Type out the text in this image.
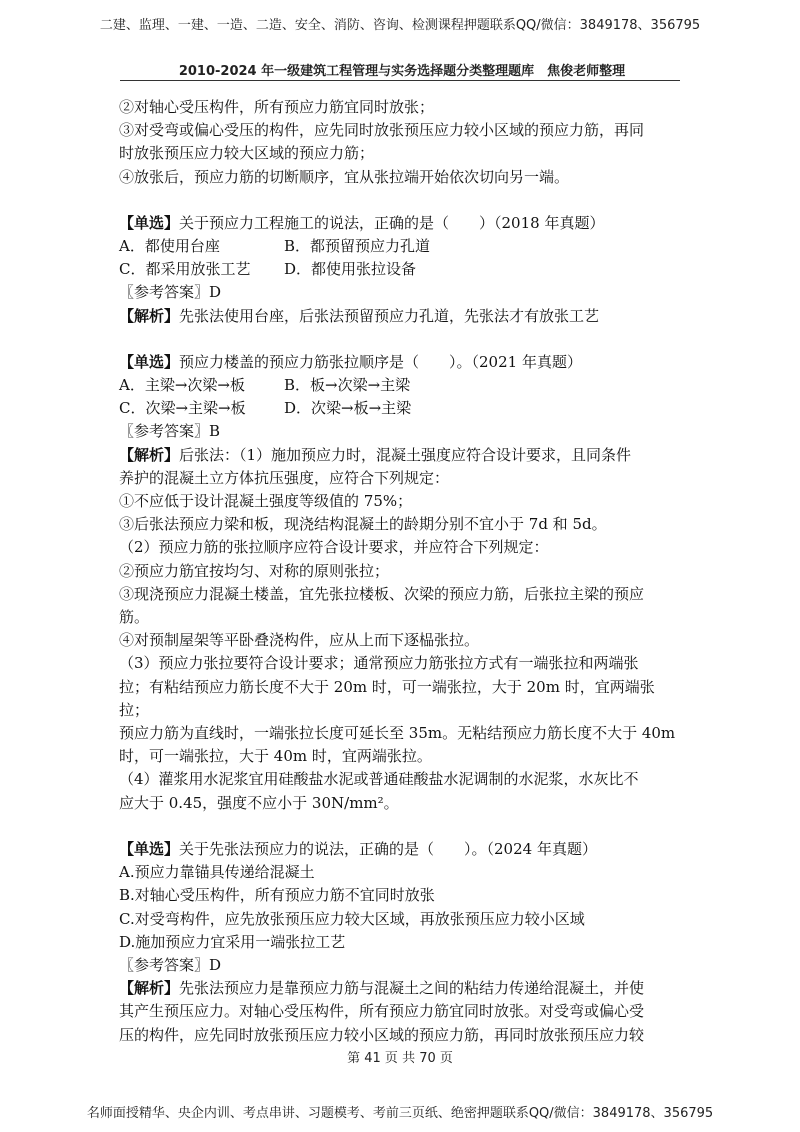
二建、监理、一建、一造、二造、安全、消防、咨询、检测课程押题联系QQ/微信：3849178、356795
2010-2024 年一级建筑工程管理与实务选择题分类整理题库　焦俊老师整理

②对轴心受压构件，所有预应力筋宜同时放张；

③对受弯或偏心受压的构件，应先同时放张预压应力较小区域的预应力筋，再同

时放张预压应力较大区域的预应力筋；

④放张后，预应力筋的切断顺序，宜从张拉端开始依次切向另一端。

【单选】关于预应力工程施工的说法，正确的是（　　）（2018 年真题）

A．都使用台座	B．都预留预应力孔道
C．都采用放张工艺	D．都使用张拉设备

〖参考答案〗D

【解析】先张法使用台座，后张法预留预应力孔道，先张法才有放张工艺

【单选】预应力楼盖的预应力筋张拉顺序是（　　）。（2021 年真题）

A．主梁→次梁→板	B．板→次梁→主梁
C．次梁→主梁→板	D．次梁→板→主梁

〖参考答案〗B

【解析】后张法：（1）施加预应力时，混凝土强度应符合设计要求，且同条件

养护的混凝土立方体抗压强度，应符合下列规定：

①不应低于设计混凝土强度等级值的 75%；

③后张法预应力梁和板，现浇结构混凝土的龄期分别不宜小于 7d 和 5d。

（2）预应力筋的张拉顺序应符合设计要求，并应符合下列规定：

②预应力筋宜按均匀、对称的原则张拉；

③现浇预应力混凝土楼盖，宜先张拉楼板、次梁的预应力筋，后张拉主梁的预应

筋。

④对预制屋架等平卧叠浇构件，应从上而下逐榀张拉。

（3）预应力张拉要符合设计要求；通常预应力筋张拉方式有一端张拉和两端张

拉；有粘结预应力筋长度不大于 20m 时，可一端张拉，大于 20m 时，宜两端张拉；

预应力筋为直线时，一端张拉长度可延长至 35m。无粘结预应力筋长度不大于 40m

时，可一端张拉，大于 40m 时，宜两端张拉。

（4）灌浆用水泥浆宜用硅酸盐水泥或普通硅酸盐水泥调制的水泥浆，水灰比不

应大于 0.45，强度不应小于 30N/mm²。

【单选】关于先张法预应力的说法，正确的是（　　）。（2024 年真题）

A.预应力靠锚具传递给混凝土

B.对轴心受压构件，所有预应力筋不宜同时放张

C.对受弯构件，应先放张预压应力较大区域，再放张预压应力较小区域

D.施加预应力宜采用一端张拉工艺

〖参考答案〗D

【解析】先张法预应力是靠预应力筋与混凝土之间的粘结力传递给混凝土，并使

其产生预压应力。对轴心受压构件，所有预应力筋宜同时放张。对受弯或偏心受

压的构件，应先同时放张预压应力较小区域的预应力筋，再同时放张预压应力较

第 41 页 共 70 页
名师面授精华、央企内训、考点串讲、习题模考、考前三页纸、绝密押题联系QQ/微信：3849178、356795
